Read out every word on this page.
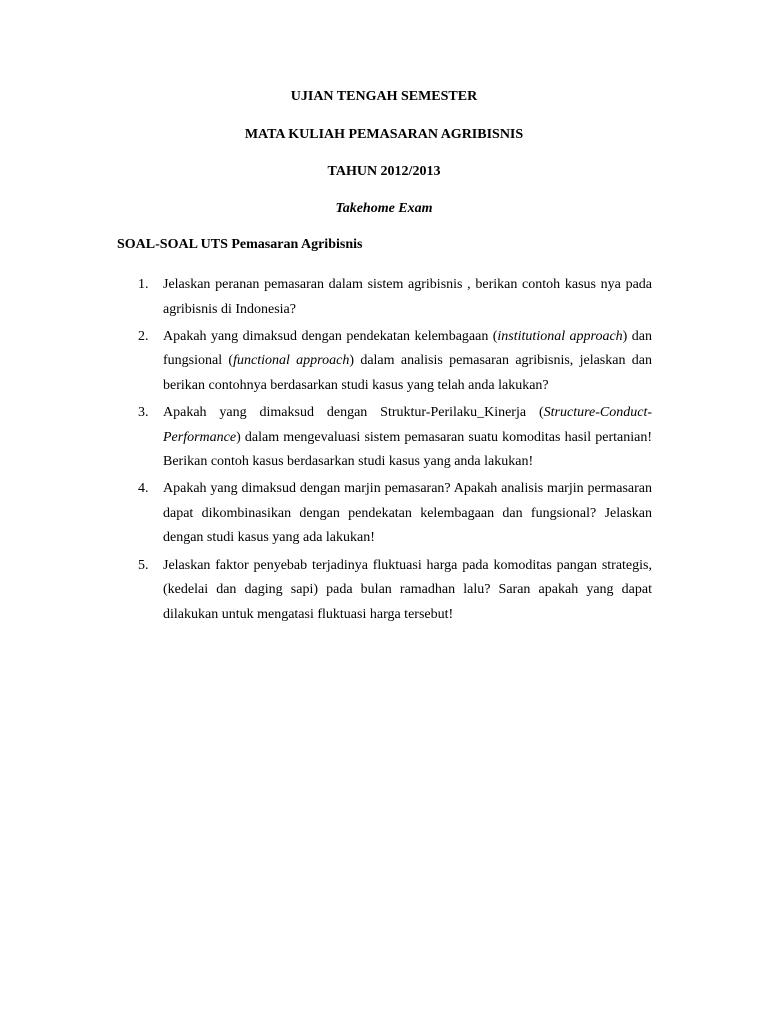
UJIAN TENGAH SEMESTER
MATA KULIAH PEMASARAN AGRIBISNIS
TAHUN 2012/2013
Takehome Exam
SOAL-SOAL UTS Pemasaran Agribisnis
1. Jelaskan peranan pemasaran dalam sistem agribisnis , berikan contoh kasus nya pada agribisnis di Indonesia?
2. Apakah yang dimaksud dengan pendekatan kelembagaan (institutional approach) dan fungsional (functional approach) dalam analisis pemasaran agribisnis, jelaskan dan berikan contohnya berdasarkan studi kasus yang telah anda lakukan?
3. Apakah yang dimaksud dengan Struktur-Perilaku_Kinerja (Structure-Conduct-Performance) dalam mengevaluasi sistem pemasaran suatu komoditas hasil pertanian! Berikan contoh kasus berdasarkan studi kasus yang anda lakukan!
4. Apakah yang dimaksud dengan marjin pemasaran? Apakah analisis marjin permasaran dapat dikombinasikan dengan pendekatan kelembagaan dan fungsional? Jelaskan dengan studi kasus yang ada lakukan!
5. Jelaskan faktor penyebab terjadinya fluktuasi harga pada komoditas pangan strategis, (kedelai dan daging sapi) pada bulan ramadhan lalu? Saran apakah yang dapat dilakukan untuk mengatasi fluktuasi harga tersebut!
